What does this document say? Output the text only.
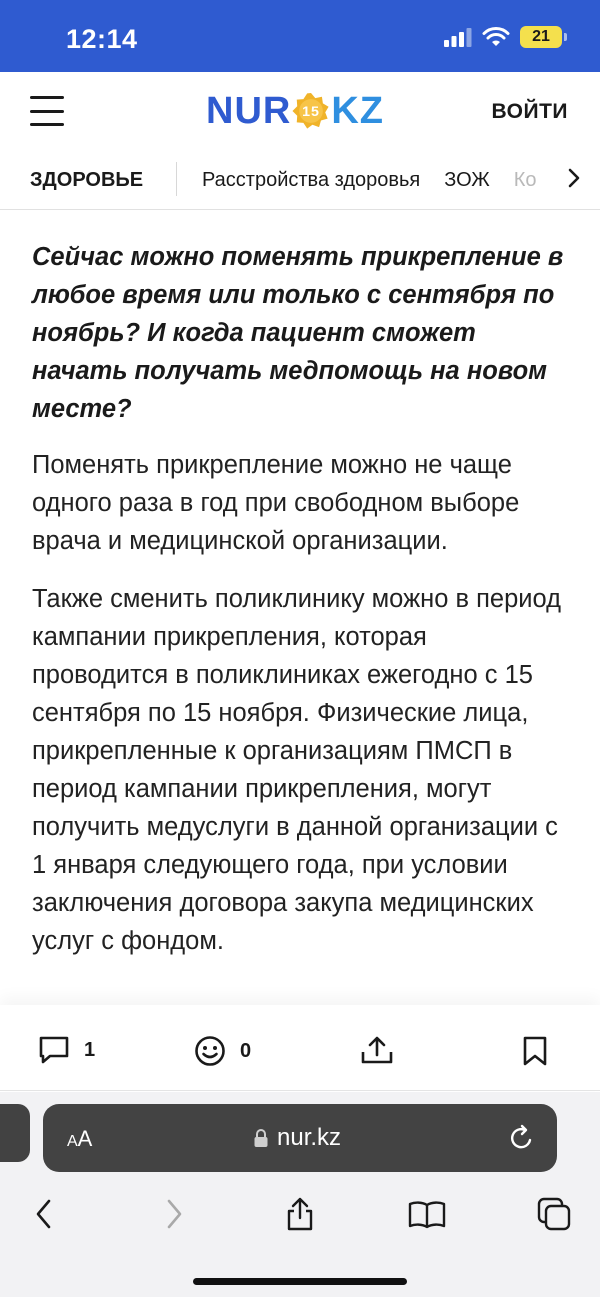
12:14	21
NUR 15 KZ	ВОЙТИ
ЗДОРОВЬЕ	Расстройства здоровья ЗОЖ Ко

Сейчас можно поменять прикрепление в любое время или только с сентября по ноябрь? И когда пациент сможет начать получать медпомощь на новом месте?

Поменять прикрепление можно не чаще одного раза в год при свободном выборе врача и медицинской организации.

Также сменить поликлинику можно в период кампании прикрепления, которая проводится в поликлиниках ежегодно с 15 сентября по 15 ноября. Физические лица, прикрепленные к организациям ПМСП в период кампании прикрепления, могут получить медуслуги в данной организации с 1 января следующего года, при условии заключения договора закупа медицинских услуг с фондом.

1	0
AA	nur.kz
